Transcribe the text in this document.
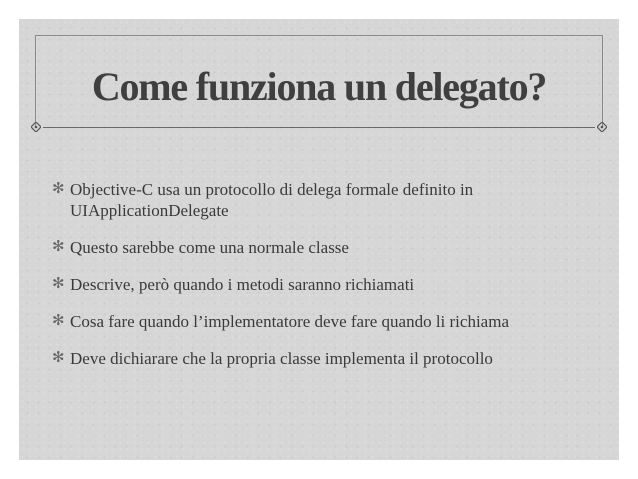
Come funziona un delegato?
✻ Objective-C usa un protocollo di delega formale definito in UIApplicationDelegate
✻ Questo sarebbe come una normale classe
✻ Descrive, però quando i metodi saranno richiamati
✻ Cosa fare quando l’implementatore deve fare quando li richiama
✻ Deve dichiarare che la propria classe implementa il protocollo
